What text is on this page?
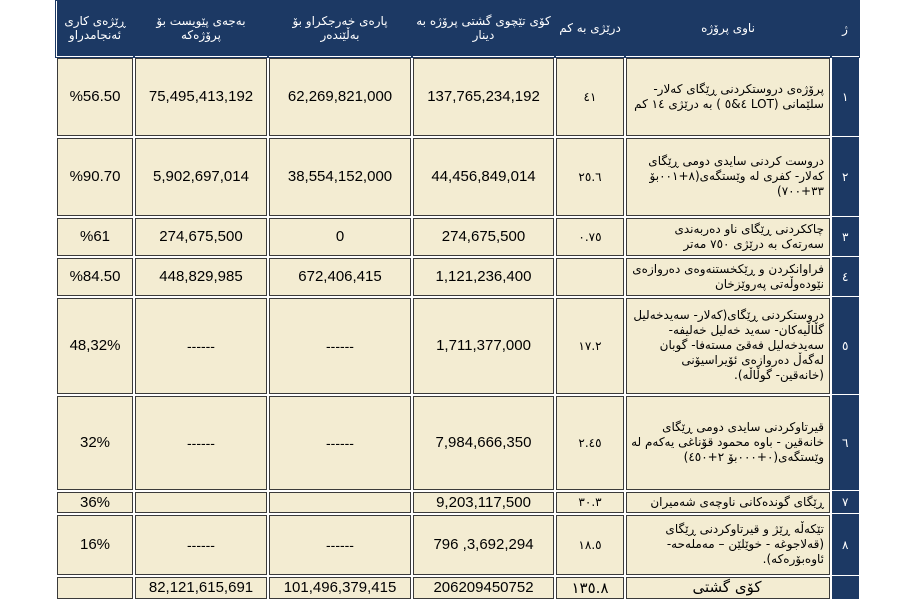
ژ	ناوی پرۆژە	درێژی بە کم	کۆی تێچوی گشتی پرۆژە بە دینار	پارەی خەرجکراو بۆ بەڵێندەر	بەجەی پێویست بۆ پرۆژەکە	ڕێژەی کاری ئەنجامدراو
١	پرۆژەی دروستکردنی ڕێگای کەلار-سلێمانی (LOT ٤&٥ ) بە درێژی ١٤ کم	٤١	137,765,234,192	62,269,821,000	75,495,413,192	%56.50
٢	دروست کردنی سایدی دومی ڕێگای کەلار- کفری لە وێستگەی(٨+٠٠١بۆ ٣٣+٧٠٠)	٢٥.٦	44,456,849,014	38,554,152,000	5,902,697,014	%90.70
٣	چاککردنی ڕێگای ناو دەربەندی سەرتەک بە درێژی ٧٥٠ مەتر	٠.٧٥	274,675,500	0	274,675,500	%61
٤	فراوانکردن و ڕێکخستنەوەی دەروازەی نێودەوڵەتی پەروێزخان		1,121,236,400	672,406,415	448,829,985	%84.50
٥	دروستکردنی ڕێگای(کەلار- سەیدخەلیل گڵاڵیەکان- سەید خەلیل خەلیفە- سەیدخەلیل فەقێ مستەفا- گوبان لەگەڵ دەروازەی ئۆیراسیۆنی (خانەقین- گوڵاڵە).	١٧.٢	1,711,377,000	------	------	48,32%
٦	قیرتاوکردنی سایدی دومی ڕێگای خانەقین - باوە محمود قۆناغی یەکەم لە وێستگەی(٠+٠٠٠بۆ ٢+٤٥٠)	٢.٤٥	7,984,666,350	------	------	32%
٧	ڕێگای گوندەکانی ناوچەی شەمیران	٣٠.٣	9,203,117,500			36%
٨	تێکەڵە ڕێژ و قیرتاوکردنی ڕێگای (قەلاجوغە - خوێلێن – مەملەحە- ئاوەبۆرەکە).	١٨.٥	3,692,294, 796	------	------	16%
	کۆی گشتی	١٣٥.٨	206209450752	101,496,379,415	82,121,615,691	
